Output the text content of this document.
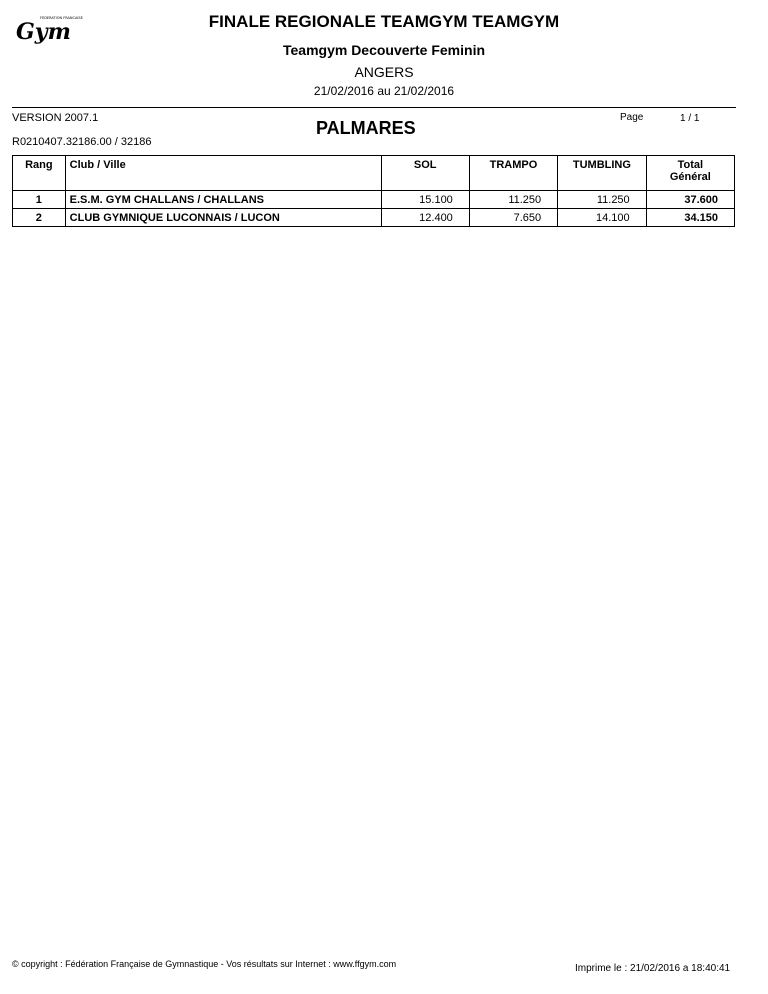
Gym
FEDERATION FRANCAISE	FINALE REGIONALE TEAMGYM TEAMGYM
Teamgym Decouverte Feminin
ANGERS
21/02/2016 au 21/02/2016
VERSION 2007.1	PALMARES
Page	1 / 1
R0210407.32186.00 / 32186
Rang	Club / Ville	SOL	TRAMPO	TUMBLING	Total
Général
1	E.S.M. GYM CHALLANS / CHALLANS	15.100	11.250	11.250	37.600
2	CLUB GYMNIQUE LUCONNAIS / LUCON	12.400	7.650	14.100	34.150
© copyright : Fédération Française de Gymnastique - Vos résultats sur Internet : www.ffgym.com	Imprime le : 21/02/2016 a 18:40:41
